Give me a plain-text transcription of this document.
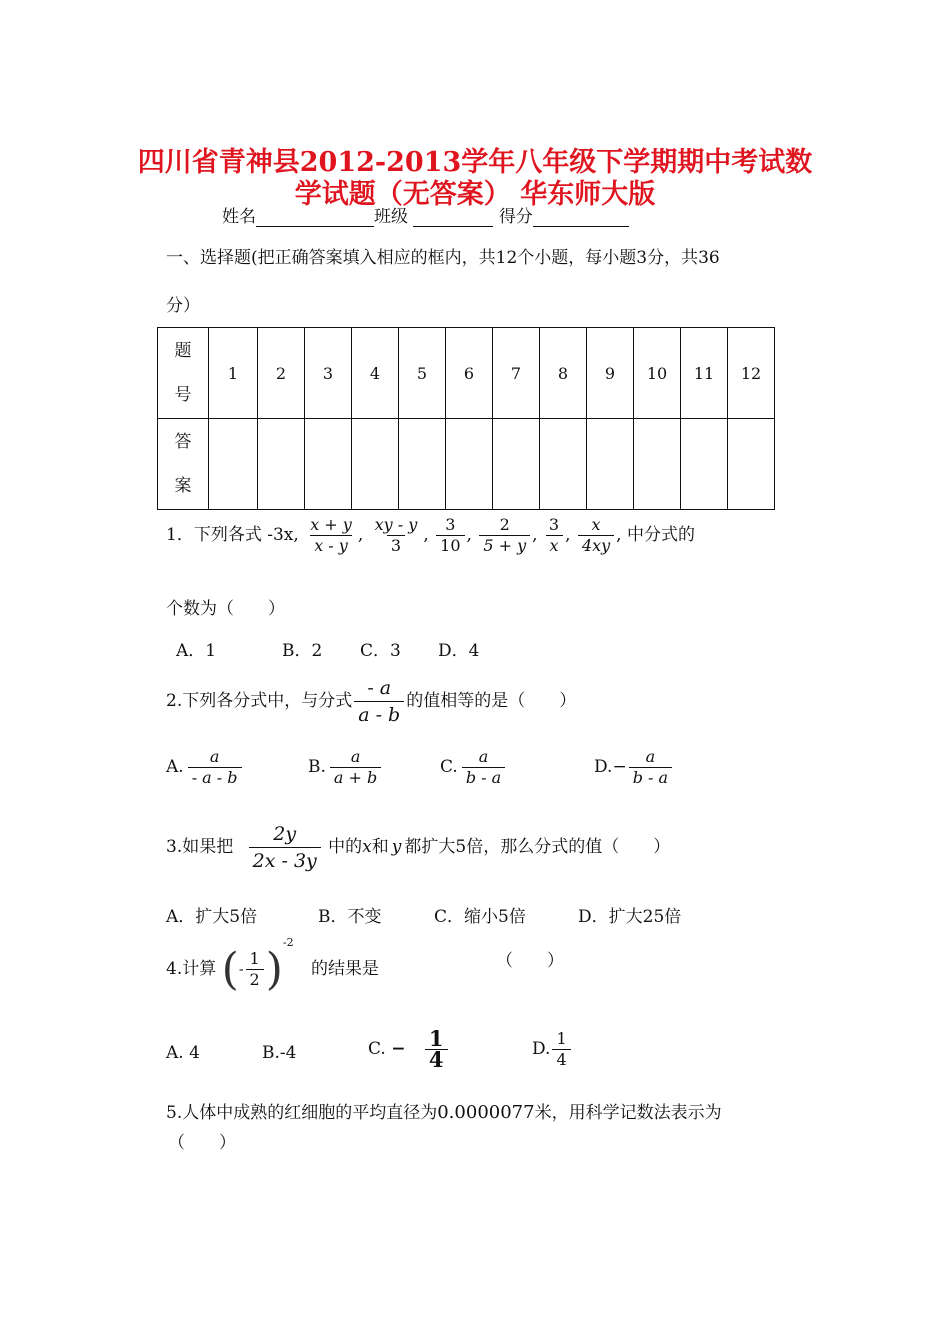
四川省青神县2012-2013学年八年级下学期期中考试数
学试题（无答案） 华东师大版
姓名	班级	得分
一、选择题(把正确答案填入相应的框内，共12个小题，每小题3分，共36
分）
题
号	1	2	3	4	5	6	7	8	9	10	11	12
答
案												
1．下列各式 -3x, $\frac{x + y}{x - y}$ , $\frac{xy - y}{3}$ , $\frac{3}{10}$ , $\frac{2}{5 + y}$ , $\frac{3}{x}$ , $\frac{x}{4xy}$ , 中分式的
个数为（　　）
A．1	B．2 C．3 D．4
2.下列各分式中，与分式 $\frac{- a}{a - b}$ 的值相等的是（　　）
A. $\frac{a}{- a - b}$	B. $\frac{a}{a + b}$	C. $\frac{a}{b - a}$	$D.- \frac{a}{b - a}$
3.如果把 $\frac{2y}{2x - 3y}$ 中的x和 y 都扩大5倍，那么分式的值（　　）
A．扩大5倍	B．不变	C．缩小5倍	D．扩大25倍
4.计算 (- $\frac{1}{2} )^{-2}$ 的结果是	（　　）
A. 4	B.-4	C. − $\frac{1}{4}$	D. $\frac{1}{4}$
5.人体中成熟的红细胞的平均直径为0.0000077米，用科学记数法表示为
（　　）
